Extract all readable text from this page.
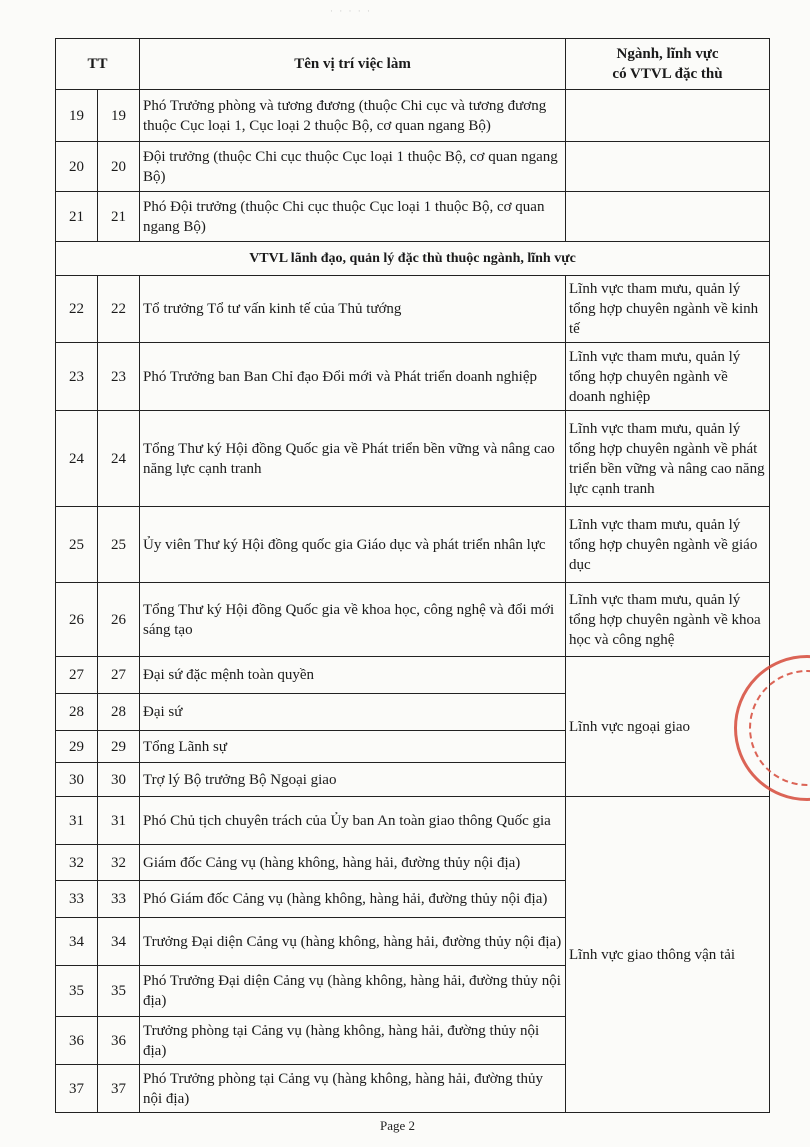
· · · · ·
TT		Tên vị trí việc làm	Ngành, lĩnh vực
có VTVL đặc thù

19	19	Phó Trưởng phòng và tương đương (thuộc Chi cục và tương đương thuộc Cục loại 1, Cục loại 2 thuộc Bộ, cơ quan ngang Bộ)	
20	20	Đội trưởng (thuộc Chi cục thuộc Cục loại 1 thuộc Bộ, cơ quan ngang Bộ)	
21	21	Phó Đội trưởng (thuộc Chi cục thuộc Cục loại 1 thuộc Bộ, cơ quan ngang Bộ)	
VTVL lãnh đạo, quản lý đặc thù thuộc ngành, lĩnh vực			
22	22	Tổ trưởng Tổ tư vấn kinh tế của Thủ tướng	Lĩnh vực tham mưu, quản lý tổng hợp chuyên ngành về kinh tế
23	23	Phó Trưởng ban Ban Chỉ đạo Đổi mới và Phát triển doanh nghiệp	Lĩnh vực tham mưu, quản lý tổng hợp chuyên ngành về doanh nghiệp
24	24	Tổng Thư ký Hội đồng Quốc gia về Phát triển bền vững và nâng cao năng lực cạnh tranh	Lĩnh vực tham mưu, quản lý tổng hợp chuyên ngành về phát triển bền vững và nâng cao năng lực cạnh tranh
25	25	Ủy viên Thư ký Hội đồng quốc gia Giáo dục và phát triển nhân lực	Lĩnh vực tham mưu, quản lý tổng hợp chuyên ngành về giáo dục
26	26	Tổng Thư ký Hội đồng Quốc gia về khoa học, công nghệ và đổi mới sáng tạo	Lĩnh vực tham mưu, quản lý tổng hợp chuyên ngành về khoa học và công nghệ
27	27	Đại sứ đặc mệnh toàn quyền	Lĩnh vực ngoại giao
28	28	Đại sứ	
29	29	Tổng Lãnh sự	
30	30	Trợ lý Bộ trưởng Bộ Ngoại giao	
31	31	Phó Chủ tịch chuyên trách của Ủy ban An toàn giao thông Quốc gia	Lĩnh vực giao thông vận tải
32	32	Giám đốc Cảng vụ (hàng không, hàng hải, đường thủy nội địa)	
33	33	Phó Giám đốc Cảng vụ (hàng không, hàng hải, đường thủy nội địa)	
34	34	Trưởng Đại diện Cảng vụ (hàng không, hàng hải, đường thủy nội địa)	
35	35	Phó Trưởng Đại diện Cảng vụ (hàng không, hàng hải, đường thủy nội địa)	
36	36	Trưởng phòng tại Cảng vụ (hàng không, hàng hải, đường thủy nội địa)	
37	37	Phó Trưởng phòng tại Cảng vụ (hàng không, hàng hải, đường thủy nội địa)	
Page 2
